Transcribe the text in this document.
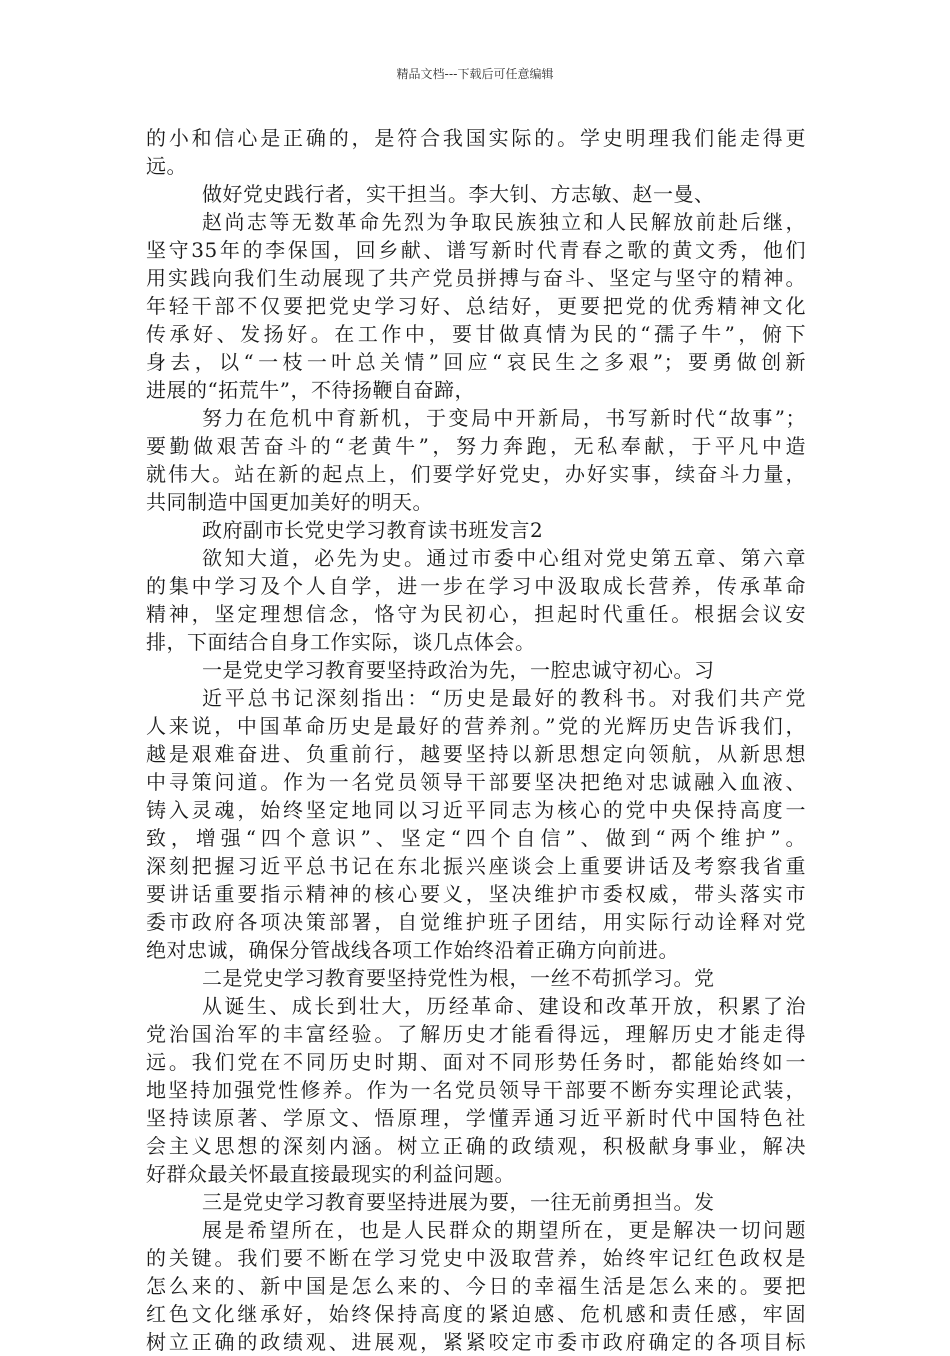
精品文档---下载后可任意编辑
的小和信心是正确的，是符合我国实际的。学史明理我们能走得更
远。
做好党史践行者，实干担当。李大钊、方志敏、赵一曼、
赵尚志等无数革命先烈为争取民族独立和人民解放前赴后继，
坚守35年的李保国，回乡献、谱写新时代青春之歌的黄文秀，他们
用实践向我们生动展现了共产党员拼搏与奋斗、坚定与坚守的精神。
年轻干部不仅要把党史学习好、总结好，更要把党的优秀精神文化
传承好、发扬好。在工作中，要甘做真情为民的“孺子牛”，俯下
身去，以“一枝一叶总关情”回应“哀民生之多艰”；要勇做创新
进展的“拓荒牛”，不待扬鞭自奋蹄，
努力在危机中育新机，于变局中开新局，书写新时代“故事”；
要勤做艰苦奋斗的“老黄牛”，努力奔跑，无私奉献，于平凡中造
就伟大。站在新的起点上，们要学好党史，办好实事，续奋斗力量，
共同制造中国更加美好的明天。
政府副市长党史学习教育读书班发言2
欲知大道，必先为史。通过市委中心组对党史第五章、第六章
的集中学习及个人自学，进一步在学习中汲取成长营养，传承革命
精神，坚定理想信念，恪守为民初心，担起时代重任。根据会议安
排，下面结合自身工作实际，谈几点体会。
一是党史学习教育要坚持政治为先，一腔忠诚守初心。习
近平总书记深刻指出：“历史是最好的教科书。对我们共产党
人来说，中国革命历史是最好的营养剂。”党的光辉历史告诉我们，
越是艰难奋进、负重前行，越要坚持以新思想定向领航，从新思想
中寻策问道。作为一名党员领导干部要坚决把绝对忠诚融入血液、
铸入灵魂，始终坚定地同以习近平同志为核心的党中央保持高度一
致，增强“四个意识”、坚定“四个自信”、做到“两个维护”。
深刻把握习近平总书记在东北振兴座谈会上重要讲话及考察我省重
要讲话重要指示精神的核心要义，坚决维护市委权威，带头落实市
委市政府各项决策部署，自觉维护班子团结，用实际行动诠释对党
绝对忠诚，确保分管战线各项工作始终沿着正确方向前进。
二是党史学习教育要坚持党性为根，一丝不苟抓学习。党
从诞生、成长到壮大，历经革命、建设和改革开放，积累了治
党治国治军的丰富经验。了解历史才能看得远，理解历史才能走得
远。我们党在不同历史时期、面对不同形势任务时，都能始终如一
地坚持加强党性修养。作为一名党员领导干部要不断夯实理论武装，
坚持读原著、学原文、悟原理，学懂弄通习近平新时代中国特色社
会主义思想的深刻内涵。树立正确的政绩观，积极献身事业，解决
好群众最关怀最直接最现实的利益问题。
三是党史学习教育要坚持进展为要，一往无前勇担当。发
展是希望所在，也是人民群众的期望所在，更是解决一切问题
的关键。我们要不断在学习党史中汲取营养，始终牢记红色政权是
怎么来的、新中国是怎么来的、今日的幸福生活是怎么来的。要把
红色文化继承好，始终保持高度的紧迫感、危机感和责任感，牢固
树立正确的政绩观、进展观，紧紧咬定市委市政府确定的各项目标
